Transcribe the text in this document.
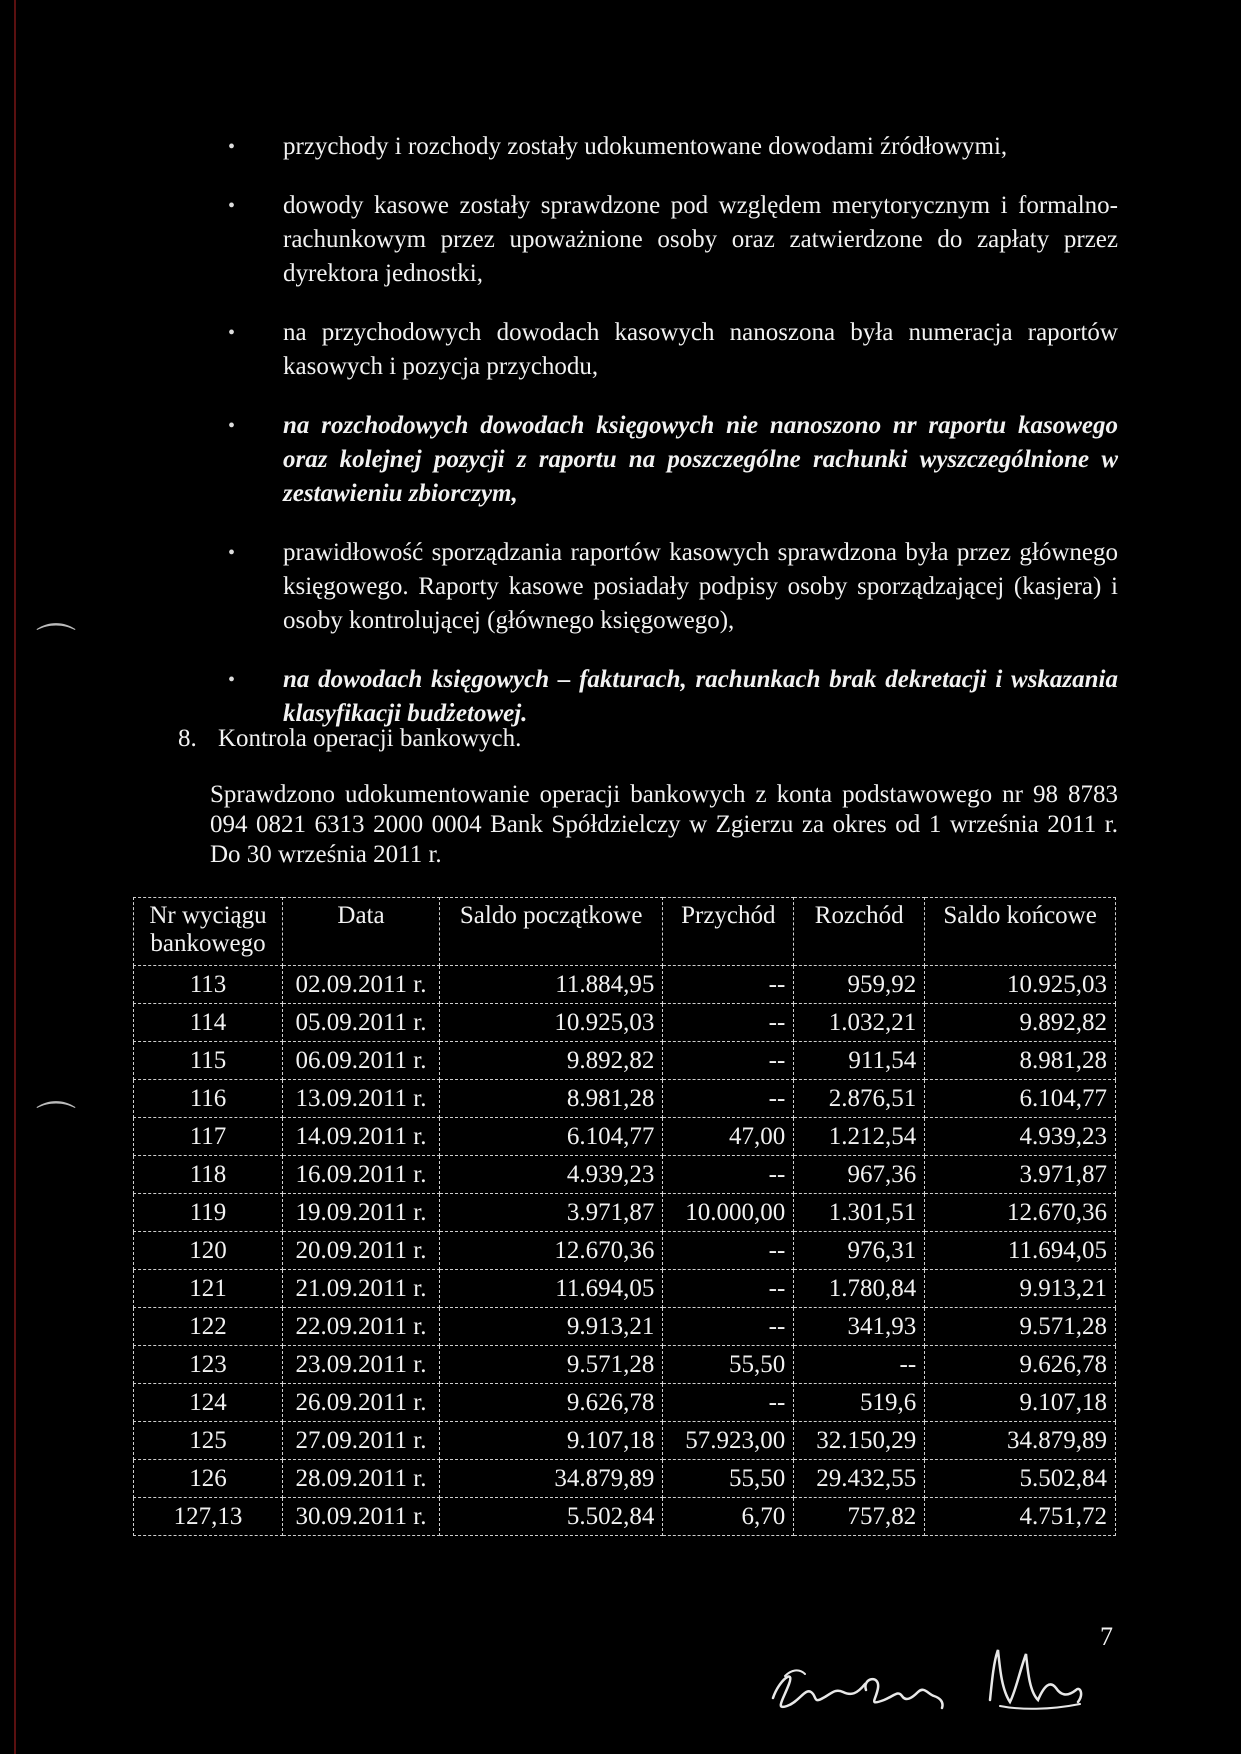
⌒
⌒
• przychody i rozchody zostały udokumentowane dowodami źródłowymi,
• dowody kasowe zostały sprawdzone pod względem merytorycznym i formalno-rachunkowym przez upoważnione osoby oraz zatwierdzone do zapłaty przez dyrektora jednostki,
• na przychodowych dowodach kasowych nanoszona była numeracja raportów kasowych i pozycja przychodu,
• na rozchodowych dowodach księgowych nie nanoszono nr raportu kasowego oraz kolejnej pozycji z raportu na poszczególne rachunki wyszczególnione w zestawieniu zbiorczym,
• prawidłowość sporządzania raportów kasowych sprawdzona była przez głównego księgowego. Raporty kasowe posiadały podpisy osoby sporządzającej (kasjera) i osoby kontrolującej (głównego księgowego),
• na dowodach księgowych – fakturach, rachunkach brak dekretacji i wskazania klasyfikacji budżetowej.
8. Kontrola operacji bankowych.
Sprawdzono udokumentowanie operacji bankowych z konta podstawowego nr 98 8783 094 0821 6313 2000 0004 Bank Spółdzielczy w Zgierzu za okres od 1 września 2011 r. Do 30 września 2011 r.
Nr wyciągu bankowego	Data	Saldo początkowe	Przychód	Rozchód	Saldo końcowe
113	02.09.2011 r.	11.884,95	--	959,92	10.925,03
114	05.09.2011 r.	10.925,03	--	1.032,21	9.892,82
115	06.09.2011 r.	9.892,82	--	911,54	8.981,28
116	13.09.2011 r.	8.981,28	--	2.876,51	6.104,77
117	14.09.2011 r.	6.104,77	47,00	1.212,54	4.939,23
118	16.09.2011 r.	4.939,23	--	967,36	3.971,87
119	19.09.2011 r.	3.971,87	10.000,00	1.301,51	12.670,36
120	20.09.2011 r.	12.670,36	--	976,31	11.694,05
121	21.09.2011 r.	11.694,05	--	1.780,84	9.913,21
122	22.09.2011 r.	9.913,21	--	341,93	9.571,28
123	23.09.2011 r.	9.571,28	55,50	--	9.626,78
124	26.09.2011 r.	9.626,78	--	519,6	9.107,18
125	27.09.2011 r.	9.107,18	57.923,00	32.150,29	34.879,89
126	28.09.2011 r.	34.879,89	55,50	29.432,55	5.502,84
127,13	30.09.2011 r.	5.502,84	6,70	757,82	4.751,72
7
